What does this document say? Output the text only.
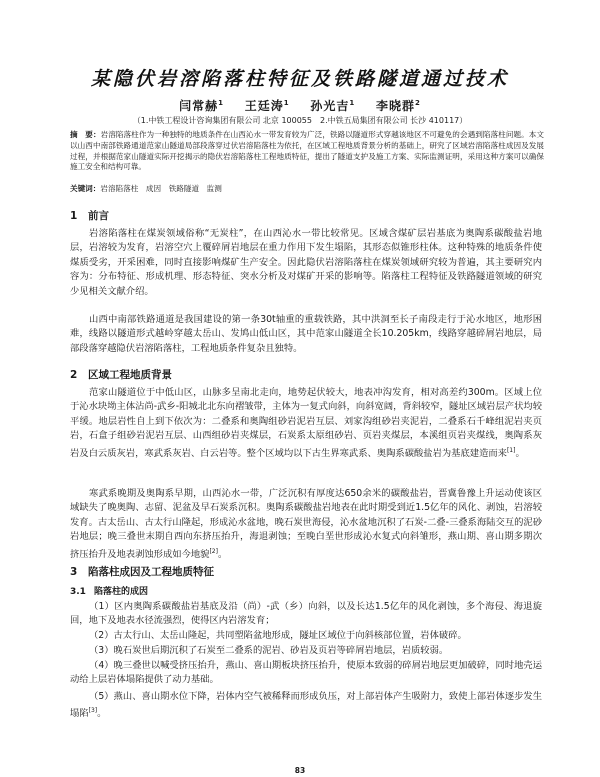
某隐伏岩溶陷落柱特征及铁路隧道通过技术
闫常赫$^1$ 王廷涛$^1$ 孙光吉$^1$ 李晓群$^2$
（1.中铁工程设计咨询集团有限公司 北京 100055　2.中铁五局集团有限公司 长沙 410117）
摘　要：岩溶陷落柱作为一种独特的地质条件在山西沁水一带发育较为广泛，铁路以隧道形式穿越该地区不可避免的会遇到陷落柱问题。本文以山西中南部铁路通道范家山隧道局部段落穿过伏岩溶陷落柱为依托，在区域工程地质背景分析的基础上，研究了区域岩溶陷落柱成因及发展过程，并根据范家山隧道实际开挖揭示的隐伏岩溶陷落柱工程地质特征，提出了隧道支护及施工方案、实际监测证明，采用这种方案可以确保施工安全和结构可靠。
关键词：岩溶陷落柱　成因　铁路隧道　监测
1 前言
岩溶陷落柱在煤炭领域俗称“无炭柱”，在山西沁水一带比较常见。区域含煤矿层岩基底为奥陶系碳酸盐岩地层，岩溶较为发育，岩溶空穴上覆碎屑岩地层在重力作用下发生塌陷，其形态似锥形柱体。这种特殊的地质条件使煤质受劣，开采困难，同时直接影响煤矿生产安全。因此隐伏岩溶陷落柱在煤炭领域研究较为普遍，其主要研究内容为：分布特征、形成机理、形态特征、突水分析及对煤矿开采的影响等。陷落柱工程特征及铁路隧道领域的研究少见相关文献介绍。
山西中南部铁路通道是我国建设的第一条30t轴重的重载铁路，其中洪洞至长子南段走行于沁水地区，地形困难，线路以隧道形式越岭穿越太岳山、发鸠山低山区，其中范家山隧道全长10.205km，线路穿越碎屑岩地层，局部段落穿越隐伏岩溶陷落柱，工程地质条件复杂且独特。
2 区域工程地质背景
范家山隧道位于中低山区，山脉多呈南北走向，地势起伏较大，地表冲沟发育，相对高差约300m。区域上位于沁水块坳主体沾尚-武乡-阳城北北东向褶皱带，主体为一复式向斜，向斜宽阔，背斜较窄，隧址区域岩层产状均较平缓。地层岩性自上到下依次为：二叠系和奥陶组砂岩泥岩互层、刘家沟组砂岩夹泥岩，二叠系石千峰组泥岩夹页岩，石盒子组砂岩泥岩互层、山西组砂岩夹煤层，石炭系太原组砂岩、页岩夹煤层，本溪组页岩夹煤线，奥陶系灰岩及白云质灰岩，寒武系灰岩、白云岩等。整个区域均以下古生界寒武系、奥陶系碳酸盐岩为基底建造而来[1]。
寒武系晚期及奥陶系早期，山西沁水一带，广泛沉积有厚度达650余米的碳酸盐岩，晋冀鲁豫上升运动使该区域缺失了晚奥陶、志留、泥盆及早石炭系沉积。奥陶系碳酸盐岩地表在此时期受到近1.5亿年的风化、剥蚀，岩溶较发育。古太岳山、古太行山隆起，形成沁水盆地，晚石炭世海侵，沁水盆地沉积了石炭-二叠-三叠系海陆交互的泥砂岩地层；晚三叠世末期自西向东挤压抬升，海退剥蚀；至晚白垩世形成沁水复式向斜雏形，燕山期、喜山期多期次挤压抬升及地表剥蚀形成如今地貌[2]。
3 陷落柱成因及工程地质特征
3.1 陷落柱的成因
（1）区内奥陶系碳酸盐岩基底及沿（尚）-武（乡）向斜，以及长达1.5亿年的风化剥蚀，多个海侵、海退旋回，地下及地表水径流强烈，使得区内岩溶发育；
（2）古太行山、太岳山隆起，共同塑陷盆地形成，隧址区域位于向斜核部位置，岩体破碎。
（3）晚石炭世后期沉积了石炭至二叠系的泥岩、砂岩及页岩等碎屑岩地层，岩质较弱。
（4）晚三叠世以喊受挤压抬升，燕山、喜山期板块挤压抬升，使原本致弱的碎屑岩地层更加破碎，同时地壳运动给上层岩体塌陷提供了动力基础。
（5）燕山、喜山期水位下降，岩体内空气被稀释而形成负压，对上部岩体产生吸附力，致使上部岩体逐步发生塌陷[3]。
83
